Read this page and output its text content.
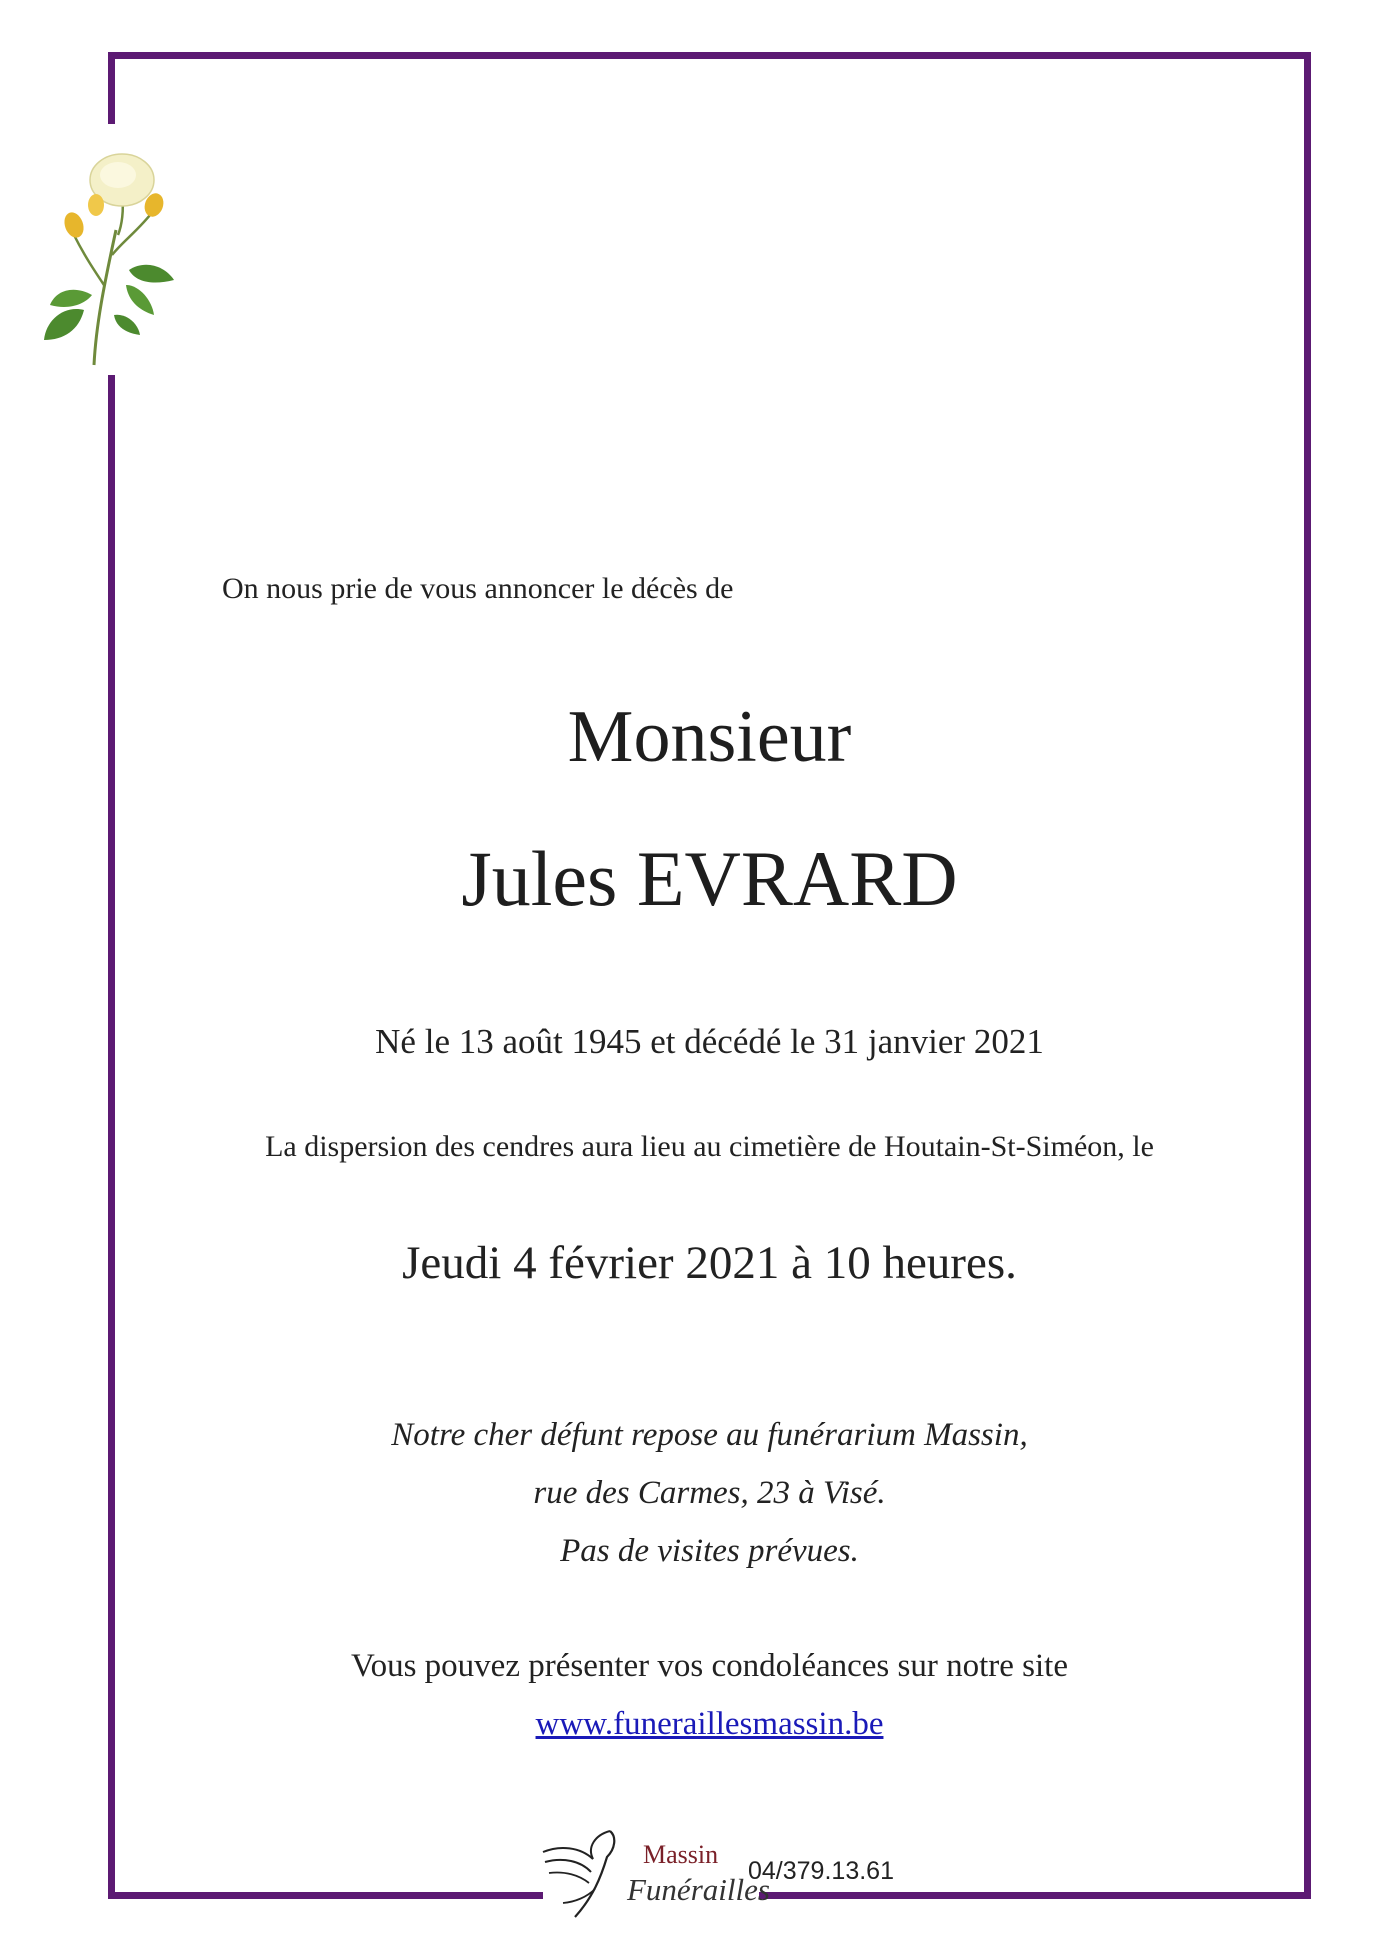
On nous prie de vous annoncer le décès de

Monsieur

Jules EVRARD

Né le 13 août 1945 et décédé le 31 janvier 2021

La dispersion des cendres aura lieu au cimetière de Houtain-St-Siméon, le

Jeudi 4 février 2021 à 10 heures.

Notre cher défunt repose au funérarium Massin,

rue des Carmes, 23 à Visé.

Pas de visites prévues.

Vous pouvez présenter vos condoléances sur notre site

www.funeraillesmassin.be

Massin
Funérailles
04/379.13.61
